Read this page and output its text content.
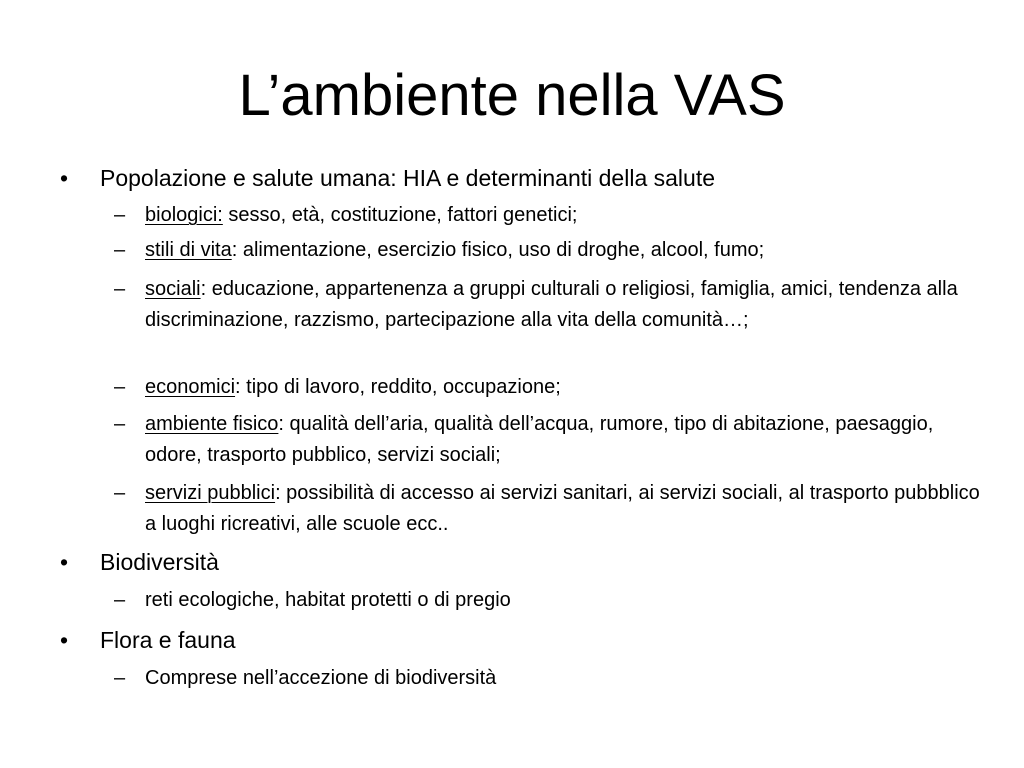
L’ambiente nella VAS
• Popolazione e salute umana: HIA e determinanti della salute

– biologici: sesso, età, costituzione, fattori genetici;

– stili di vita: alimentazione, esercizio fisico, uso di droghe, alcool, fumo;

– sociali: educazione, appartenenza a gruppi culturali o religiosi, famiglia, amici, tendenza alla discriminazione, razzismo, partecipazione alla vita della comunità…;

– economici: tipo di lavoro, reddito, occupazione;

– ambiente fisico: qualità dell’aria, qualità dell’acqua, rumore, tipo di abitazione, paesaggio, odore, trasporto pubblico, servizi sociali;

– servizi pubblici: possibilità di accesso ai servizi sanitari, ai servizi sociali, al trasporto pubbblico a luoghi ricreativi, alle scuole ecc..

• Biodiversità

– reti ecologiche, habitat protetti o di pregio

• Flora e fauna

– Comprese nell’accezione di biodiversità
